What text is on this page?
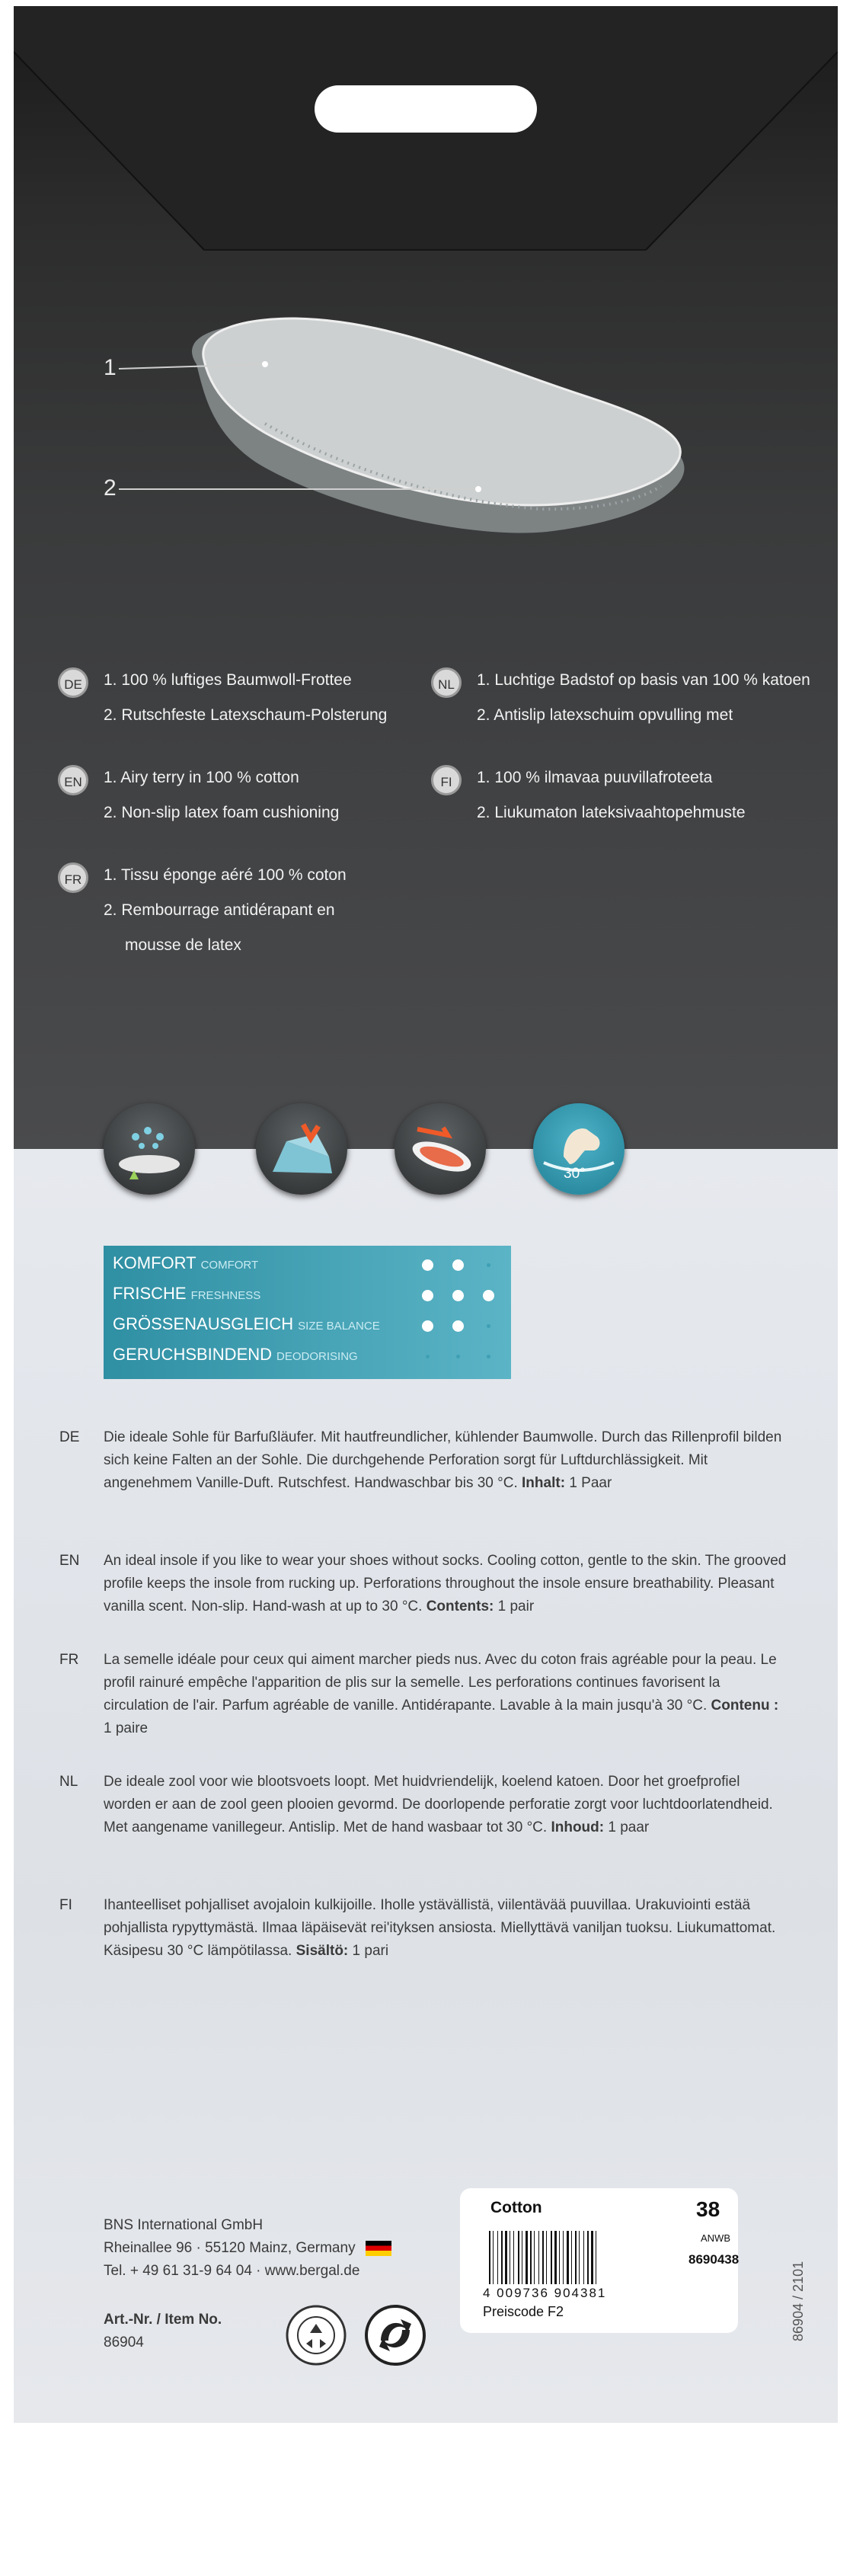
1
2
DE	1. 100 % luftiges Baumwoll-Frottee
2. Rutschfeste Latexschaum-Polsterung
NL	1. Luchtige Badstof op basis van 100 % katoen
2. Antislip latexschuim opvulling met
EN	1. Airy terry in 100 % cotton
2. Non-slip latex foam cushioning
FI	1. 100 % ilmavaa puuvillafroteeta
2. Liukumaton lateksivaahtopehmuste
FR	1. Tissu éponge aéré 100 % coton
2. Rembourrage antidérapant en
mousse de latex
30°
KOMFORT COMFORT
FRISCHE FRESHNESS
GRÖSSENAUSGLEICH SIZE BALANCE
GERUCHSBINDEND DEODORISING
DE Die ideale Sohle für Barfußläufer. Mit hautfreundlicher, kühlender Baumwolle. Durch das Rillenprofil bilden sich keine Falten an der Sohle. Die durchgehende Perforation sorgt für Luftdurchlässigkeit. Mit angenehmem Vanille-Duft. Rutschfest. Handwaschbar bis 30 °C. Inhalt: 1 Paar
EN An ideal insole if you like to wear your shoes without socks. Cooling cotton, gentle to the skin. The grooved profile keeps the insole from rucking up. Perforations throughout the insole ensure breathability. Pleasant vanilla scent. Non-slip. Hand-wash at up to 30 °C. Contents: 1 pair
FR La semelle idéale pour ceux qui aiment marcher pieds nus. Avec du coton frais agréable pour la peau. Le profil rainuré empêche l'apparition de plis sur la semelle. Les perforations continues favorisent la circulation de l'air. Parfum agréable de vanille. Antidérapante. Lavable à la main jusqu'à 30 °C. Contenu : 1 paire
NL De ideale zool voor wie blootsvoets loopt. Met huidvriendelijk, koelend katoen. Door het groefprofiel worden er aan de zool geen plooien gevormd. De doorlopende perforatie zorgt voor luchtdoorlatendheid. Met aangename vanillegeur. Antislip. Met de hand wasbaar tot 30 °C. Inhoud: 1 paar
FI Ihanteelliset pohjalliset avojaloin kulkijoille. Iholle ystävällistä, viilentävää puuvillaa. Urakuviointi estää pohjallista rypyttymästä. Ilmaa läpäisevät rei'ityksen ansiosta. Miellyttävä vanilјan tuoksu. Liukumattomat. Käsipesu 30 °C lämpötilassa. Sisältö: 1 pari
BNS International GmbH
Rheinallee 96 · 55120 Mainz, Germany
Tel. + 49 61 31-9 64 04 · www.bergal.de
Art.-Nr. / Item No.
86904
Cotton	38
ANWB
8690438
4 009736 904381
Preiscode F2	86904 / 2101
